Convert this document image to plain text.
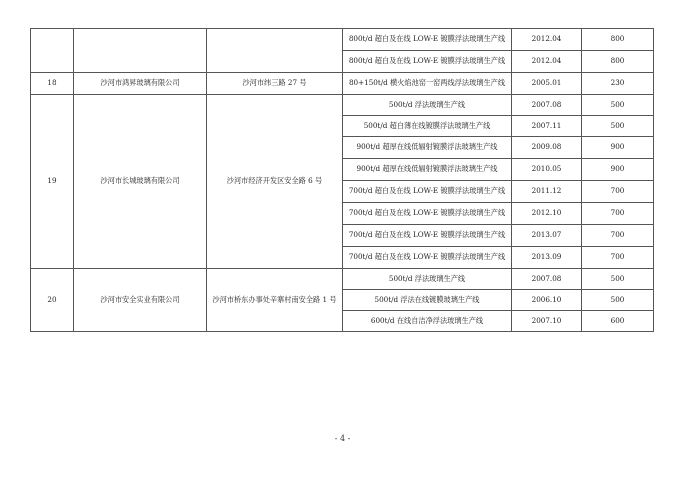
			800t/d 超白及在线 LOW-E 镀膜浮法玻璃生产线	2012.04	800
			800t/d 超白及在线 LOW-E 镀膜浮法玻璃生产线	2012.04	800
18	沙河市鸿昇玻璃有限公司	沙河市纬三路 27 号	80+150t/d 横火焰池窑一窑两线浮法玻璃生产线	2005.01	230
19	沙河市长城玻璃有限公司	沙河市经济开发区安全路 6 号	500t/d 浮法玻璃生产线	2007.08	500
			500t/d 超白薄在线镀膜浮法玻璃生产线	2007.11	500
			900t/d 超厚在线低辐射镀膜浮法玻璃生产线	2009.08	900
			900t/d 超厚在线低辐射镀膜浮法玻璃生产线	2010.05	900
			700t/d 超白及在线 LOW-E 镀膜浮法玻璃生产线	2011.12	700
			700t/d 超白及在线 LOW-E 镀膜浮法玻璃生产线	2012.10	700
			700t/d 超白及在线 LOW-E 镀膜浮法玻璃生产线	2013.07	700
			700t/d 超白及在线 LOW-E 镀膜浮法玻璃生产线	2013.09	700
20	沙河市安全实业有限公司	沙河市桥东办事处辛寨村南安全路 1 号	500t/d 浮法玻璃生产线	2007.08	500
			500t/d 浮法在线镀膜玻璃生产线	2006.10	500
			600t/d 在线自洁净浮法玻璃生产线	2007.10	600
- 4 -
